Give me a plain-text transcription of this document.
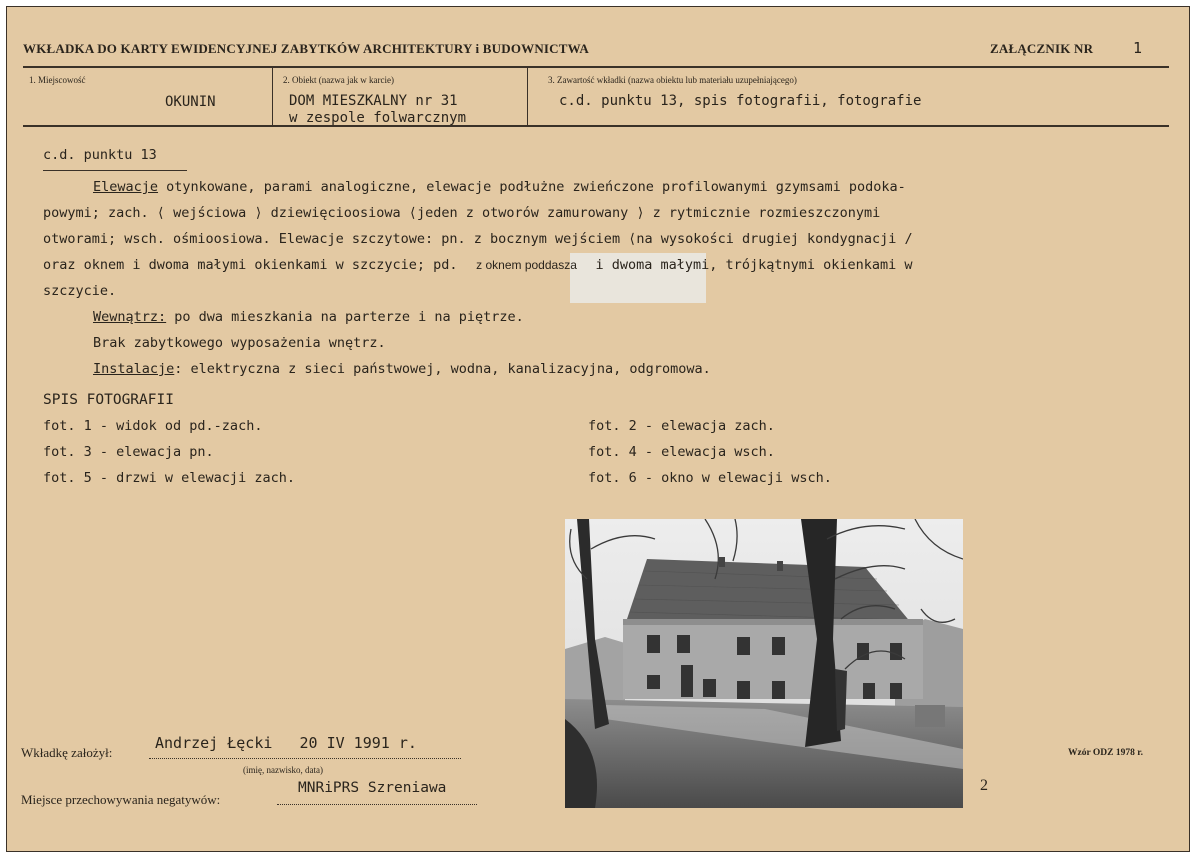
WKŁADKA DO KARTY EWIDENCYJNEJ ZABYTKÓW ARCHITEKTURY i BUDOWNICTWA	ZAŁĄCZNIK NR	1
1. Miejscowość
OKUNIN
2. Obiekt (nazwa jak w karcie)
DOM MIESZKALNY nr 31
w zespole folwarcznym
3. Zawartość wkładki (nazwa obiektu lub materiału uzupełniającego)
c.d. punktu 13, spis fotografii, fotografie
c.d. punktu 13
Elewacje otynkowane, parami analogiczne, elewacje podłużne zwieńczone profilowanymi gzymsami podoka-
powymi; zach. ⟨ wejściowa ⟩ dziewięcioosiowa ⟨jeden z otworów zamurowany ⟩ z rytmicznie rozmieszczonymi
otworami; wsch. ośmioosiowa. Elewacje szczytowe: pn. z bocznym wejściem ⟨na wysokości drugiej kondygnacji /
oraz oknem i dwoma małymi okienkami w szczycie; pd. z oknem poddasza i dwoma małymi, trójkątnymi okienkami w
szczycie.
Wewnątrz: po dwa mieszkania na parterze i na piętrze.
Brak zabytkowego wyposażenia wnętrz.
Instalacje: elektryczna z sieci państwowej, wodna, kanalizacyjna, odgromowa.
SPIS FOTOGRAFII
fot. 1 - widok od pd.-zach.	fot. 2 - elewacja zach.
fot. 3 - elewacja pn.	fot. 4 - elewacja wsch.
fot. 5 - drzwi w elewacji zach.	fot. 6 - okno w elewacji wsch.
Wkładkę założył:
Andrzej Łęcki   20 IV 1991 r.
(imię, nazwisko, data)
Miejsce przechowywania negatywów:
MNRiPRS Szreniawa
Wzór ODZ 1978 r.
2
